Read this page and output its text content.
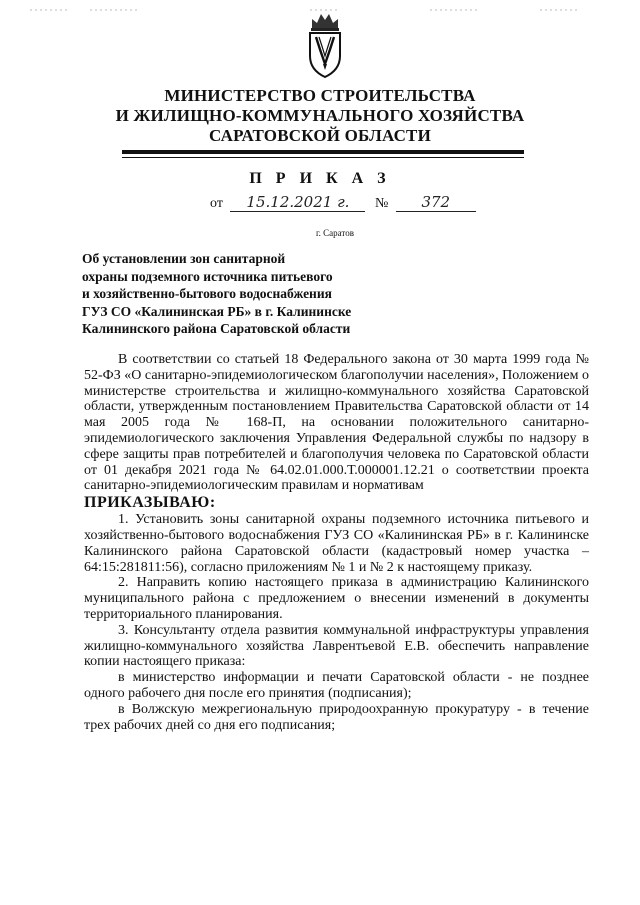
МИНИСТЕРСТВО СТРОИТЕЛЬСТВА
И ЖИЛИЩНО-КОММУНАЛЬНОГО ХОЗЯЙСТВА
САРАТОВСКОЙ ОБЛАСТИ
П Р И К А З
от 15.12.2021 г. № 372
г. Саратов
Об установлении зон санитарной
охраны подземного источника питьевого
и хозяйственно-бытового водоснабжения
ГУЗ СО «Калининская РБ» в г. Калининске
Калининского района Саратовской области

В соответствии со статьей 18 Федерального закона от 30 марта 1999 года № 52-ФЗ «О санитарно-эпидемиологическом благополучии населения», Положением о министерстве строительства и жилищно-коммунального хозяйства Саратовской области, утвержденным постановлением Правительства Саратовской области от 14 мая 2005 года № 168-П, на основании положительного санитарно-эпидемиологического заключения Управления Федеральной службы по надзору в сфере защиты прав потребителей и благополучия человека по Саратовской области от 01 декабря 2021 года № 64.02.01.000.Т.000001.12.21 о соответствии проекта санитарно-эпидемиологическим правилам и нормативам

ПРИКАЗЫВАЮ:

1. Установить зоны санитарной охраны подземного источника питьевого и хозяйственно-бытового водоснабжения ГУЗ СО «Калининская РБ» в г. Калининске Калининского района Саратовской области (кадастровый номер участка – 64:15:281811:56), согласно приложениям № 1 и № 2 к настоящему приказу.

2. Направить копию настоящего приказа в администрацию Калининского муниципального района с предложением о внесении изменений в документы территориального планирования.

3. Консультанту отдела развития коммунальной инфраструктуры управления жилищно-коммунального хозяйства Лаврентьевой Е.В. обеспечить направление копии настоящего приказа:

в министерство информации и печати Саратовской области - не позднее одного рабочего дня после его принятия (подписания);

в Волжскую межрегиональную природоохранную прокуратуру - в течение трех рабочих дней со дня его подписания;
